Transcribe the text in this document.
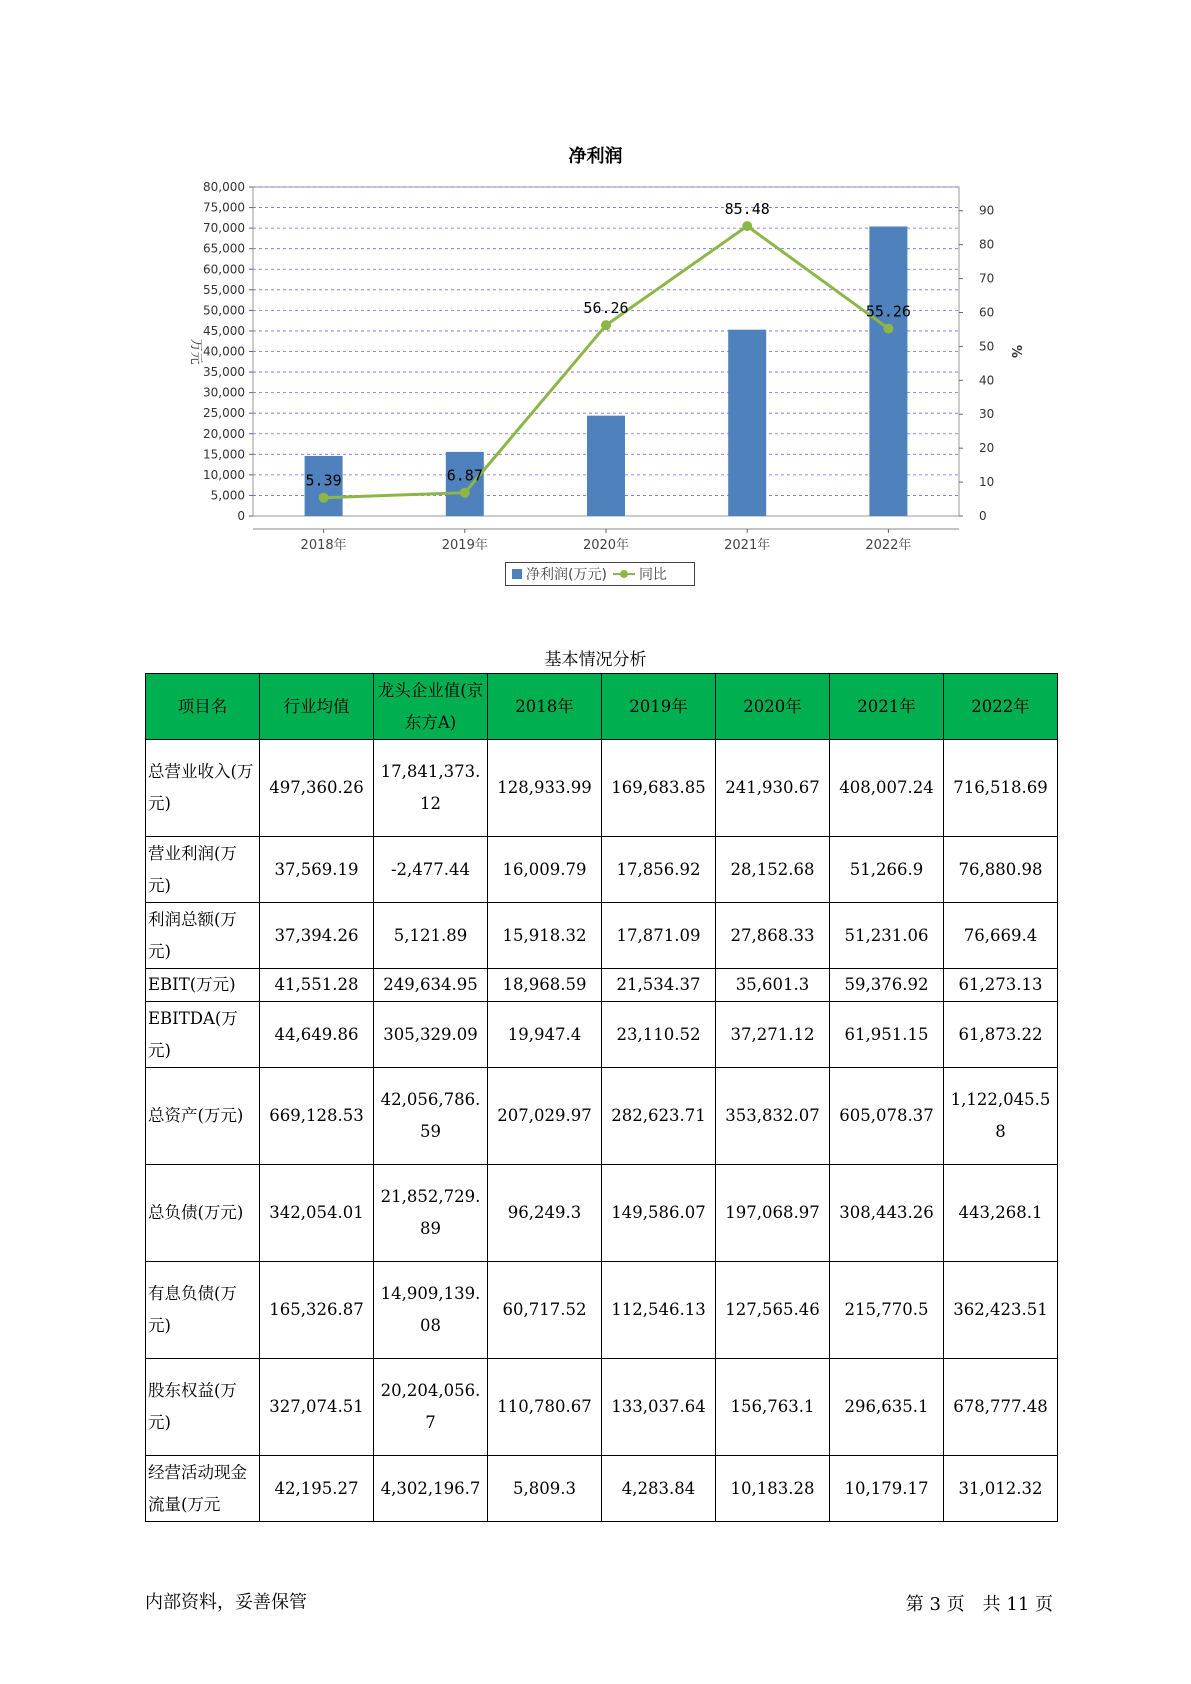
净利润
0
5,000
10,000
15,000
20,000
25,000
30,000
35,000
40,000
45,000
50,000
55,000
60,000
65,000
70,000
75,000
80,000
0
10
20
30
40
50
60
70
80
90
万元	%
2018年	2019年	2020年	2021年	2022年
5.39	6.87
56.26
85.48
55.26
净利润(万元) 同比
基本情况分析
项目名	行业均值	龙头企业值(京东方A)	2018年	2019年	2020年	2021年	2022年
总营业收入(万元)	497,360.26	17,841,373.12	128,933.99	169,683.85	241,930.67	408,007.24	716,518.69
营业利润(万元)	37,569.19	-2,477.44	16,009.79	17,856.92	28,152.68	51,266.9	76,880.98
利润总额(万元)	37,394.26	5,121.89	15,918.32	17,871.09	27,868.33	51,231.06	76,669.4
EBIT(万元)	41,551.28	249,634.95	18,968.59	21,534.37	35,601.3	59,376.92	61,273.13
EBITDA(万元)	44,649.86	305,329.09	19,947.4	23,110.52	37,271.12	61,951.15	61,873.22
总资产(万元)	669,128.53	42,056,786.59	207,029.97	282,623.71	353,832.07	605,078.37	1,122,045.58
总负债(万元)	342,054.01	21,852,729.89	96,249.3	149,586.07	197,068.97	308,443.26	443,268.1
有息负债(万元)	165,326.87	14,909,139.08	60,717.52	112,546.13	127,565.46	215,770.5	362,423.51
股东权益(万元)	327,074.51	20,204,056.7	110,780.67	133,037.64	156,763.1	296,635.1	678,777.48
经营活动现金流量(万元	42,195.27	4,302,196.7	5,809.3	4,283.84	10,183.28	10,179.17	31,012.32
内部资料，妥善保管	第 3 页　共 11 页
